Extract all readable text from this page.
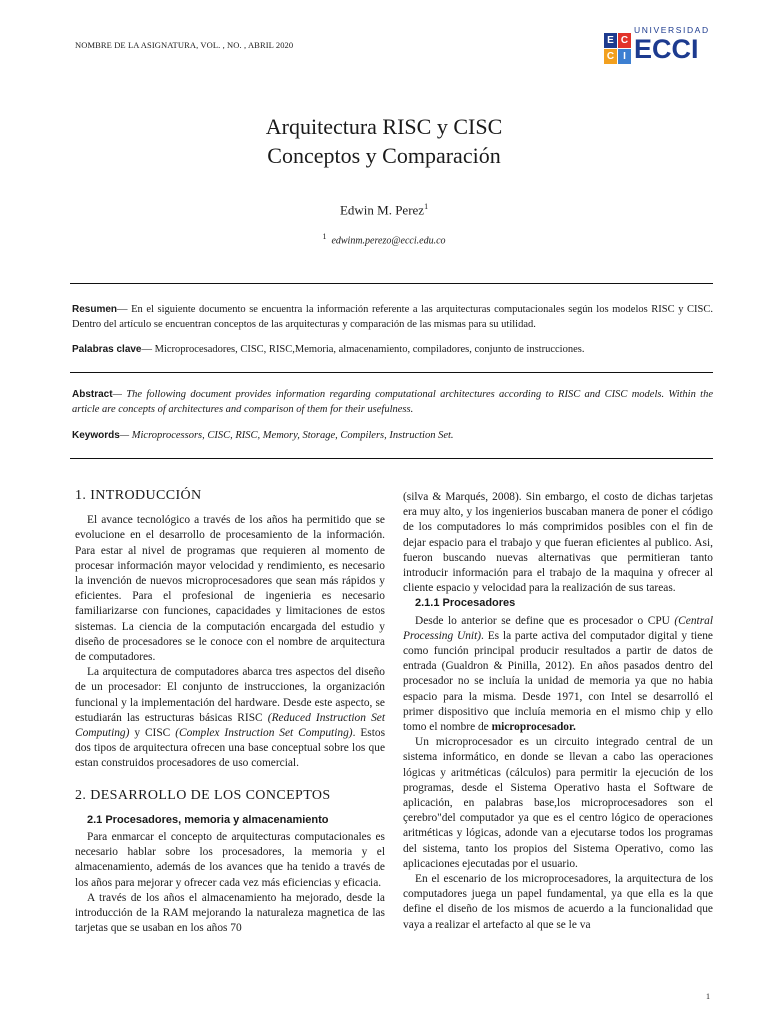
NOMBRE DE LA ASIGNATURA, VOL. , NO. , ABRIL 2020
UNIVERSIDAD
E C
C I ECCI
Arquitectura RISC y CISC
Conceptos y Comparación
Edwin M. Perez$^1$
$^1$ edwinm.perezo@ecci.edu.co
Resumen— En el siguiente documento se encuentra la información referente a las arquitecturas computacionales según los modelos RISC y CISC. Dentro del artículo se encuentran conceptos de las arquitecturas y comparación de las mismas para su utilidad.
Palabras clave— Microprocesadores, CISC, RISC,Memoria, almacenamiento, compiladores, conjunto de instrucciones.
Abstract— The following document provides information regarding computational architectures according to RISC and CISC models. Within the article are concepts of architectures and comparison of them for their usefulness.
Keywords— Microprocessors, CISC, RISC, Memory, Storage, Compilers, Instruction Set.
1. INTRODUCCIÓN

El avance tecnológico a través de los años ha permitido que se evolucione en el desarrollo de procesamiento de la información. Para estar al nivel de programas que requieren al momento de procesar información mayor velocidad y rendimiento, es necesario la invención de nuevos microprocesadores que sean más rápidos y eficientes. Para el profesional de ingenieria es necesario familiarizarse con funciones, capacidades y limitaciones de estos sistemas. La ciencia de la computación encargada del estudio y diseño de procesadores se le conoce con el nombre de arquitectura de computadores.

La arquitectura de computadores abarca tres aspectos del diseño de un procesador: El conjunto de instrucciones, la organización funcional y la implementación del hardware. Desde este aspecto, se estudiarán las estructuras básicas RISC (Reduced Instruction Set Computing) y CISC (Complex Instruction Set Computing). Estos dos tipos de arquitectura ofrecen una base conceptual sobre los que estan construidos procesadores de uso comercial.

2. DESARROLLO DE LOS CONCEPTOS
2.1 Procesadores, memoria y almacenamiento

Para enmarcar el concepto de arquitecturas computacionales es necesario hablar sobre los procesadores, la memoria y el almacenamiento, además de los avances que ha tenido a través de los años para mejorar y ofrecer cada vez más eficiencias y eficacia.

A través de los años el almacenamiento ha mejorado, desde la introducción de la RAM mejorando la naturaleza magnetica de las tarjetas que se usaban en los años 70

(silva & Marqués, 2008). Sin embargo, el costo de dichas tarjetas era muy alto, y los ingenierios buscaban manera de poner el código de los computadores lo más comprimidos posibles con el fin de dejar espacio para el trabajo y que fueran eficientes al publico. Asi, fueron buscando nuevas alternativas que permitieran tanto introducir información para el trabajo de la maquina y ofrecer al cliente espacio y velocidad para la realización de sus tareas.

2.1.1 Procesadores

Desde lo anterior se define que es procesador o CPU (Central Processing Unit). Es la parte activa del computador digital y tiene como función principal producir resultados a partir de datos de entrada (Gualdron & Pinilla, 2012). En años pasados dentro del procesador no se incluía la unidad de memoria ya que no habia espacio para la misma. Desde 1971, con Intel se desarrolló el primer dispositivo que incluía memoria en el mismo chip y ello tomo el nombre de microprocesador.

Un microprocesador es un circuito integrado central de un sistema informático, en donde se llevan a cabo las operaciones lógicas y aritméticas (cálculos) para permitir la ejecución de los programas, desde el Sistema Operativo hasta el Software de aplicación, en palabras base,los microprocesadores son el çerebro"del computador ya que es el centro lógico de operaciones aritméticas y lógicas, adonde van a ejecutarse todos los programas del sistema, tanto los propios del Sistema Operativo, como las aplicaciones ejecutadas por el usuario.

En el escenario de los microprocesadores, la arquitectura de los computadores juega un papel fundamental, ya que ella es la que define el diseño de los mismos de acuerdo a la funcionalidad que vaya a realizar el artefacto al que se le va

1
